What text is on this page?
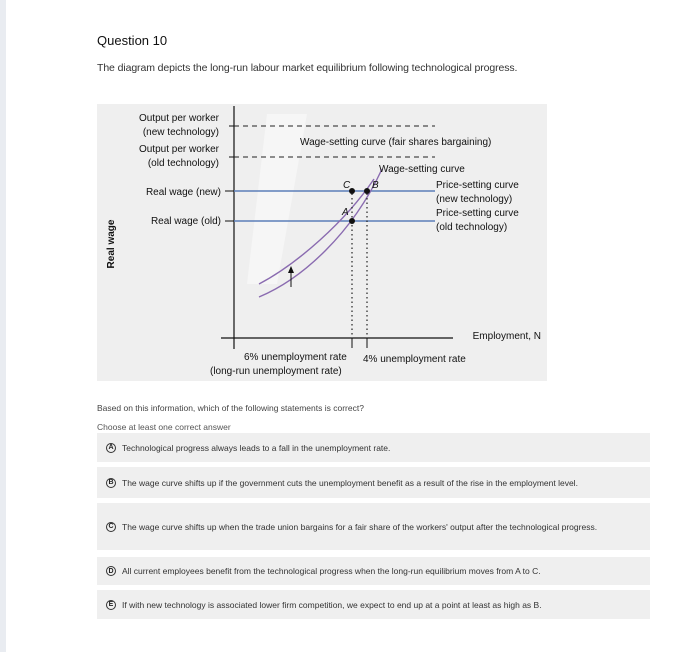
Question 10
The diagram depicts the long-run labour market equilibrium following technological progress.
C B
A
Output per worker
(new technology)
Output per worker
(old technology)
Real wage (new)
Real wage (old)
Real wage
Wage-setting curve (fair shares bargaining)
Wage-setting curve
Price-setting curve
(new technology)
Price-setting curve
(old technology)
Employment, N
6% unemployment rate
(long-run unemployment rate)
4% unemployment rate
Based on this information, which of the following statements is correct?
Choose at least one correct answer
A Technological progress always leads to a fall in the unemployment rate.
B The wage curve shifts up if the government cuts the unemployment benefit as a result of the rise in the employment level.
C The wage curve shifts up when the trade union bargains for a fair share of the workers' output after the technological progress.
D All current employees benefit from the technological progress when the long-run equilibrium moves from A to C.
E	If with new technology is associated lower firm competition, we expect to end up at a point at least as high as B.
